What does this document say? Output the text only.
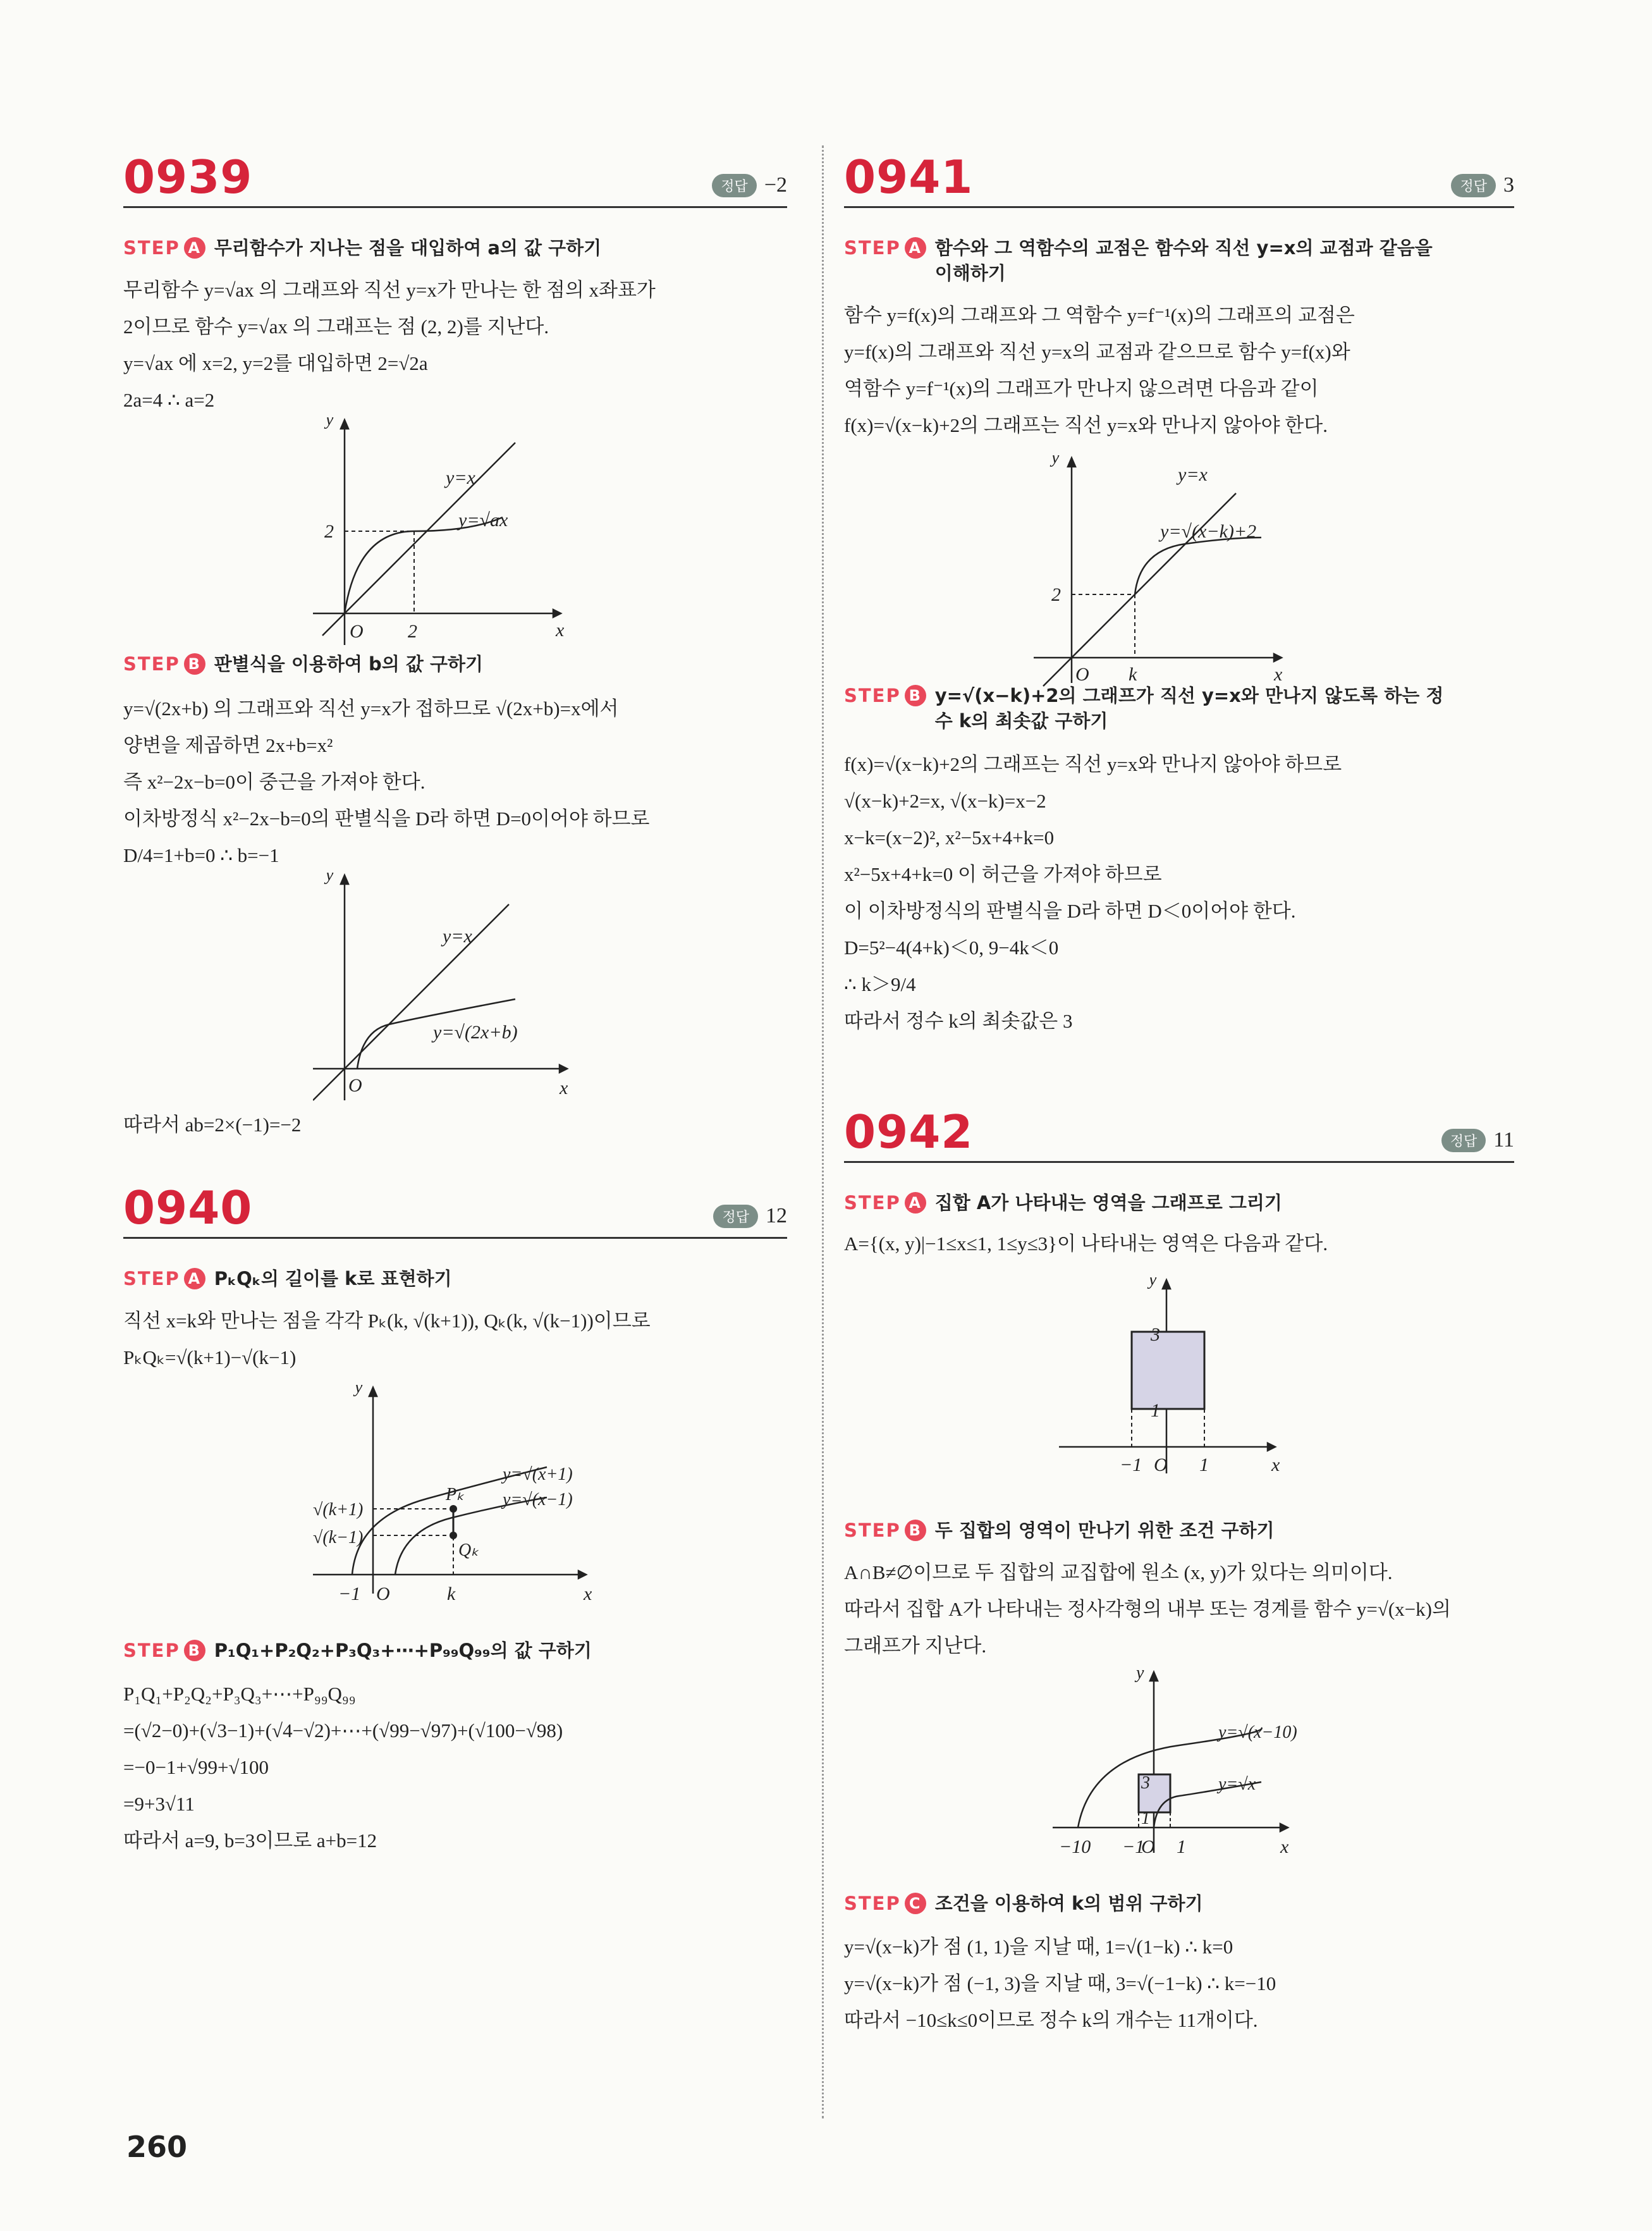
0939	정답 −2
STEP A 무리함수가 지나는 점을 대입하여 a의 값 구하기
무리함수 y=√ax 의 그래프와 직선 y=x가 만나는 한 점의 x좌표가
2이므로 함수 y=√ax 의 그래프는 점 (2, 2)를 지난다.
y=√ax 에 x=2, y=2를 대입하면 2=√2a
2a=4 ∴ a=2
y
x
O 2
2
y=x
y=√ax
STEP B 판별식을 이용하여 b의 값 구하기
y=√(2x+b) 의 그래프와 직선 y=x가 접하므로 √(2x+b)=x에서
양변을 제곱하면 2x+b=x²
즉 x²−2x−b=0이 중근을 가져야 한다.
이차방정식 x²−2x−b=0의 판별식을 D라 하면 D=0이어야 하므로
D/4=1+b=0 ∴ b=−1
y
x
O
y=x
y=√(2x+b)
따라서 ab=2×(−1)=−2
0940	정답 12
STEP A PₖQₖ의 길이를 k로 표현하기
직선 x=k와 만나는 점을 각각 Pₖ(k, √(k+1)), Qₖ(k, √(k−1))이므로
PₖQₖ=√(k+1)−√(k−1)
y
x
−1 O	k
Pₖ
Qₖ
√(k+1)
√(k−1)
y=√(x+1)
y=√(x−1)
STEP B P₁Q₁+P₂Q₂+P₃Q₃+⋯+P₉₉Q₉₉의 값 구하기
P₁Q₁+P₂Q₂+P₃Q₃+⋯+P₉₉Q₉₉
=(√2−0)+(√3−1)+(√4−√2)+⋯+(√99−√97)+(√100−√98)
=−0−1+√99+√100
=9+3√11
따라서 a=9, b=3이므로 a+b=12
0941	정답 3
STEP A 함수와 그 역함수의 교점은 함수와 직선 y=x의 교점과 같음을 이해하기
함수 y=f(x)의 그래프와 그 역함수 y=f⁻¹(x)의 그래프의 교점은
y=f(x)의 그래프와 직선 y=x의 교점과 같으므로 함수 y=f(x)와
역함수 y=f⁻¹(x)의 그래프가 만나지 않으려면 다음과 같이
f(x)=√(x−k)+2의 그래프는 직선 y=x와 만나지 않아야 한다.
y
x
O k
2
y=x
y=√(x−k)+2
STEP B y=√(x−k)+2의 그래프가 직선 y=x와 만나지 않도록 하는 정수 k의 최솟값 구하기
f(x)=√(x−k)+2의 그래프는 직선 y=x와 만나지 않아야 하므로
√(x−k)+2=x, √(x−k)=x−2
x−k=(x−2)², x²−5x+4+k=0
x²−5x+4+k=0 이 허근을 가져야 하므로
이 이차방정식의 판별식을 D라 하면 D＜0이어야 한다.
D=5²−4(4+k)＜0, 9−4k＜0
∴ k＞9/4
따라서 정수 k의 최솟값은 3
0942	정답 11
STEP A 집합 A가 나타내는 영역을 그래프로 그리기
A={(x, y)|−1≤x≤1, 1≤y≤3}이 나타내는 영역은 다음과 같다.
y
x
−1 O 1
3
1
STEP B 두 집합의 영역이 만나기 위한 조건 구하기
A∩B≠∅이므로 두 집합의 교집합에 원소 (x, y)가 있다는 의미이다.
따라서 집합 A가 나타내는 정사각형의 내부 또는 경계를 함수 y=√(x−k)의
그래프가 지난다.
y
x
−10 −1
O 1
3
1
y=√(x−10)
y=√x
STEP C 조건을 이용하여 k의 범위 구하기
y=√(x−k)가 점 (1, 1)을 지날 때, 1=√(1−k) ∴ k=0
y=√(x−k)가 점 (−1, 3)을 지날 때, 3=√(−1−k) ∴ k=−10
따라서 −10≤k≤0이므로 정수 k의 개수는 11개이다.
260
